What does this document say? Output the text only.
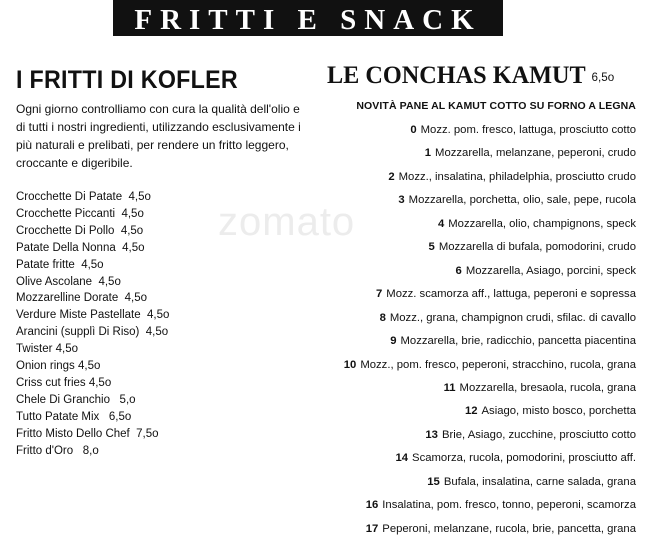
FRITTI E SNACK
zomato
I FRITTI DI KOFLER

Ogni giorno controlliamo con cura la qualità dell'olio e di tutti i nostri ingredienti, utilizzando esclusivamente i più naturali e prelibati, per rendere un fritto leggero, croccante e digeribile.

Crocchette Di Patate  4,5o
Crocchette Piccanti  4,5o
Crocchette Di Pollo  4,5o
Patate Della Nonna  4,5o
Patate fritte  4,5o
Olive Ascolane  4,5o
Mozzarelline Dorate  4,5o
Verdure Miste Pastellate  4,5o
Arancini (supplì Di Riso)  4,5o
Twister 4,5o
Onion rings 4,5o
Criss cut fries 4,5o
Chele Di Granchio   5,o
Tutto Patate Mix   6,5o
Fritto Misto Dello Chef  7,5o
Fritto d'Oro   8,o
LE CONCHAS KAMUT 6,5o

NOVITÀ PANE AL KAMUT COTTO SU FORNO A LEGNA

0 Mozz. pom. fresco, lattuga, prosciutto cotto
1 Mozzarella, melanzane, peperoni, crudo
2 Mozz., insalatina, philadelphia, prosciutto crudo
3 Mozzarella, porchetta, olio, sale, pepe, rucola
4 Mozzarella, olio, champignons, speck
5 Mozzarella di bufala, pomodorini, crudo
6 Mozzarella, Asiago, porcini, speck
7 Mozz. scamorza aff., lattuga, peperoni e sopressa
8 Mozz., grana, champignon crudi, sfilac. di cavallo
9 Mozzarella, brie, radicchio, pancetta piacentina
10 Mozz., pom. fresco, peperoni, stracchino, rucola, grana
11 Mozzarella, bresaola, rucola, grana
12 Asiago, misto bosco, porchetta
13 Brie, Asiago, zucchine, prosciutto cotto
14 Scamorza, rucola, pomodorini, prosciutto aff.
15 Bufala, insalatina, carne salada, grana
16 Insalatina, pom. fresco, tonno, peperoni, scamorza
17 Peperoni, melanzane, rucola, brie, pancetta, grana
